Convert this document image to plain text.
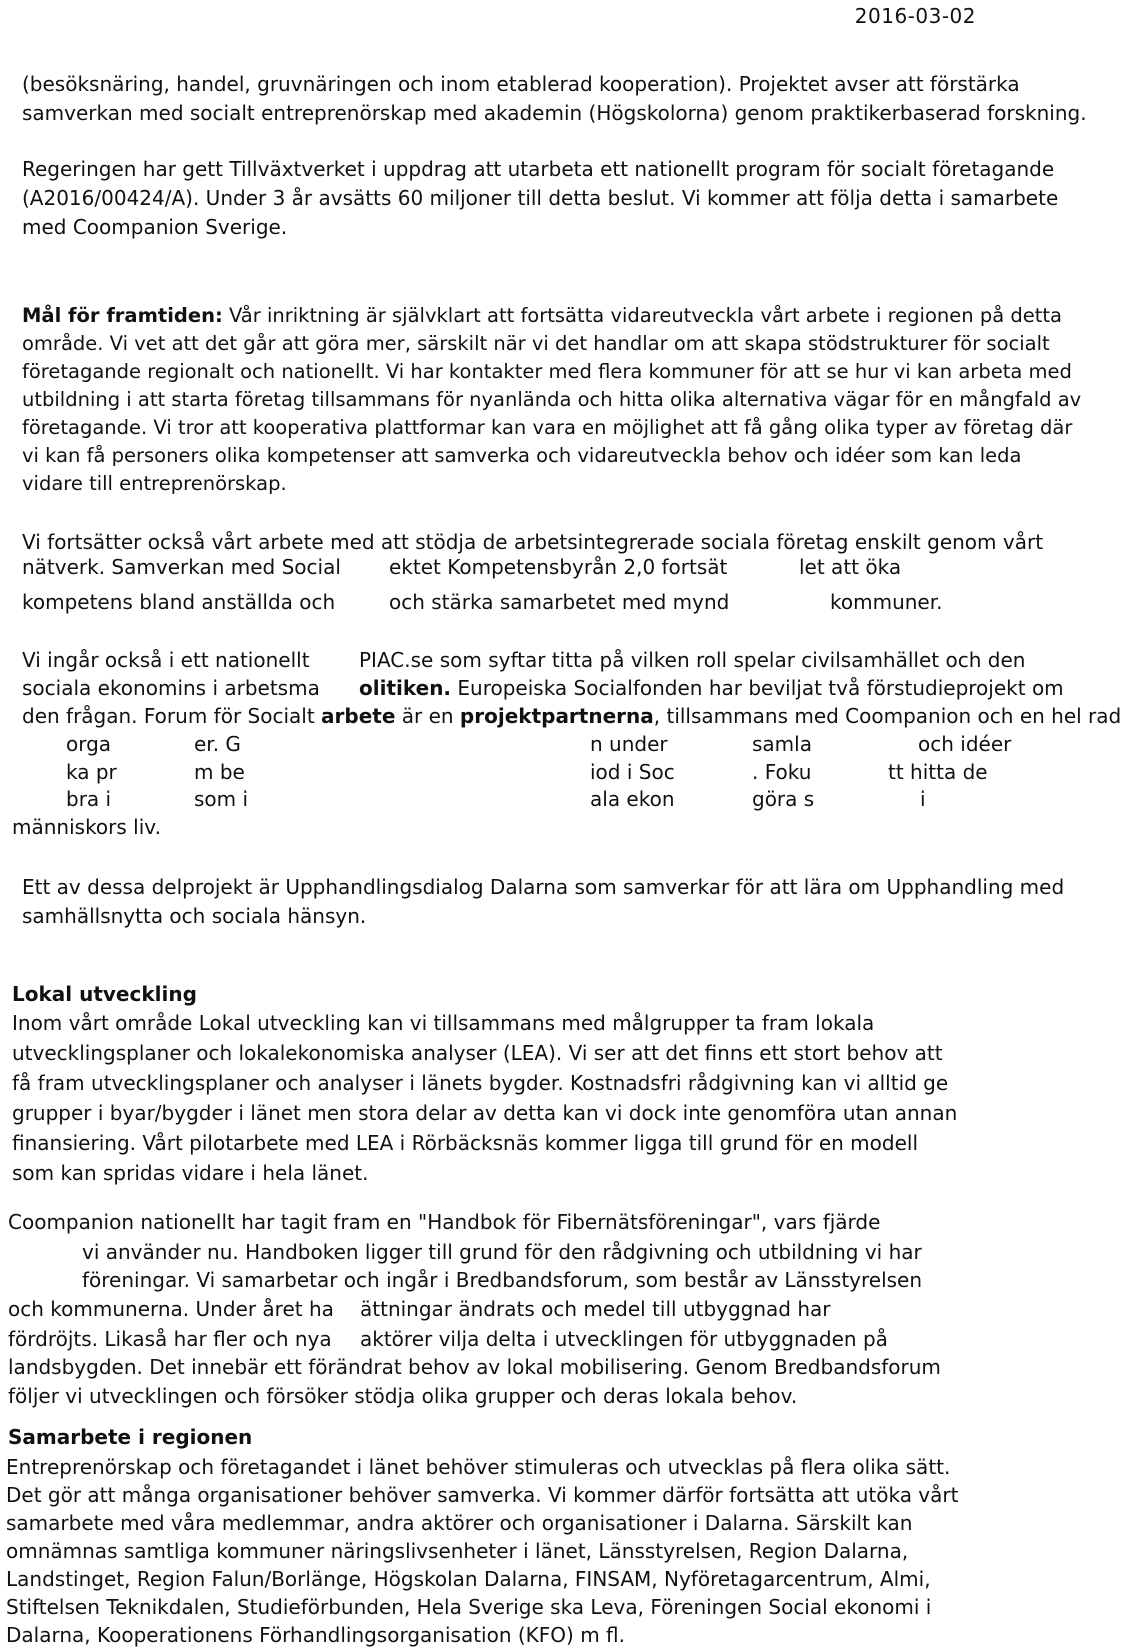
2016-03-02
(besöksnäring, handel, gruvnäringen och inom etablerad kooperation). Projektet avser att förstärka
samverkan med socialt entreprenörskap med akademin (Högskolorna) genom praktikerbaserad forskning.
Regeringen har gett Tillväxtverket i uppdrag att utarbeta ett nationellt program för socialt företagande
(A2016/00424/A). Under 3 år avsätts 60 miljoner till detta beslut. Vi kommer att följa detta i samarbete
med Coompanion Sverige.
Mål för framtiden: Vår inriktning är självklart att fortsätta vidareutveckla vårt arbete i regionen på detta
område. Vi vet att det går att göra mer, särskilt när vi det handlar om att skapa stödstrukturer för socialt
företagande regionalt och nationellt. Vi har kontakter med flera kommuner för att se hur vi kan arbeta med
utbildning i att starta företag tillsammans för nyanlända och hitta olika alternativa vägar för en mångfald av
företagande. Vi tror att kooperativa plattformar kan vara en möjlighet att få gång olika typer av företag där
vi kan få personers olika kompetenser att samverka och vidareutveckla behov och idéer som kan leda
vidare till entreprenörskap.
Vi fortsätter också vårt arbete med att stödja de arbetsintegrerade sociala företag enskilt genom vårt
nätverk. Samverkan med Social ektet Kompetensbyrån 2,0 fortsät	let att öka
kompetens bland anställda och	och stärka samarbetet med mynd	kommuner.
Vi ingår också i ett nationellt PIAC.se som syftar titta på vilken roll spelar civilsamhället och den
sociala ekonomins i arbetsma olitiken. Europeiska Socialfonden har beviljat två förstudieprojekt om
den frågan. Forum för Socialt arbete är en projektpartnerna, tillsammans med Coompanion och en hel rad
orga	er. G	n under	samla	och idéer
ka pr	m be	iod i Soc	. Foku	tt hitta de
bra i	som i	ala ekon	göra s	i
människors liv.
Ett av dessa delprojekt är Upphandlingsdialog Dalarna som samverkar för att lära om Upphandling med
samhällsnytta och sociala hänsyn.
Lokal utveckling
Inom vårt område Lokal utveckling kan vi tillsammans med målgrupper ta fram lokala
utvecklingsplaner och lokalekonomiska analyser (LEA). Vi ser att det finns ett stort behov att
få fram utvecklingsplaner och analyser i länets bygder. Kostnadsfri rådgivning kan vi alltid ge
grupper i byar/bygder i länet men stora delar av detta kan vi dock inte genomföra utan annan
finansiering. Vårt pilotarbete med LEA i Rörbäcksnäs kommer ligga till grund för en modell
som kan spridas vidare i hela länet.
Coompanion nationellt har tagit fram en "Handbok för Fibernätsföreningar", vars fjärde
vi använder nu. Handboken ligger till grund för den rådgivning och utbildning vi har
föreningar. Vi samarbetar och ingår i Bredbandsforum, som består av Länsstyrelsen
och kommunerna. Under året ha ättningar ändrats och medel till utbyggnad har
fördröjts. Likaså har fler och nya aktörer vilja delta i utvecklingen för utbyggnaden på
landsbygden. Det innebär ett förändrat behov av lokal mobilisering. Genom Bredbandsforum
följer vi utvecklingen och försöker stödja olika grupper och deras lokala behov.
Samarbete i regionen
Entreprenörskap och företagandet i länet behöver stimuleras och utvecklas på flera olika sätt.
Det gör att många organisationer behöver samverka. Vi kommer därför fortsätta att utöka vårt
samarbete med våra medlemmar, andra aktörer och organisationer i Dalarna. Särskilt kan
omnämnas samtliga kommuner näringslivsenheter i länet, Länsstyrelsen, Region Dalarna,
Landstinget, Region Falun/Borlänge, Högskolan Dalarna, FINSAM, Nyföretagarcentrum, Almi,
Stiftelsen Teknikdalen, Studieförbunden, Hela Sverige ska Leva, Föreningen Social ekonomi i
Dalarna, Kooperationens Förhandlingsorganisation (KFO) m fl.
